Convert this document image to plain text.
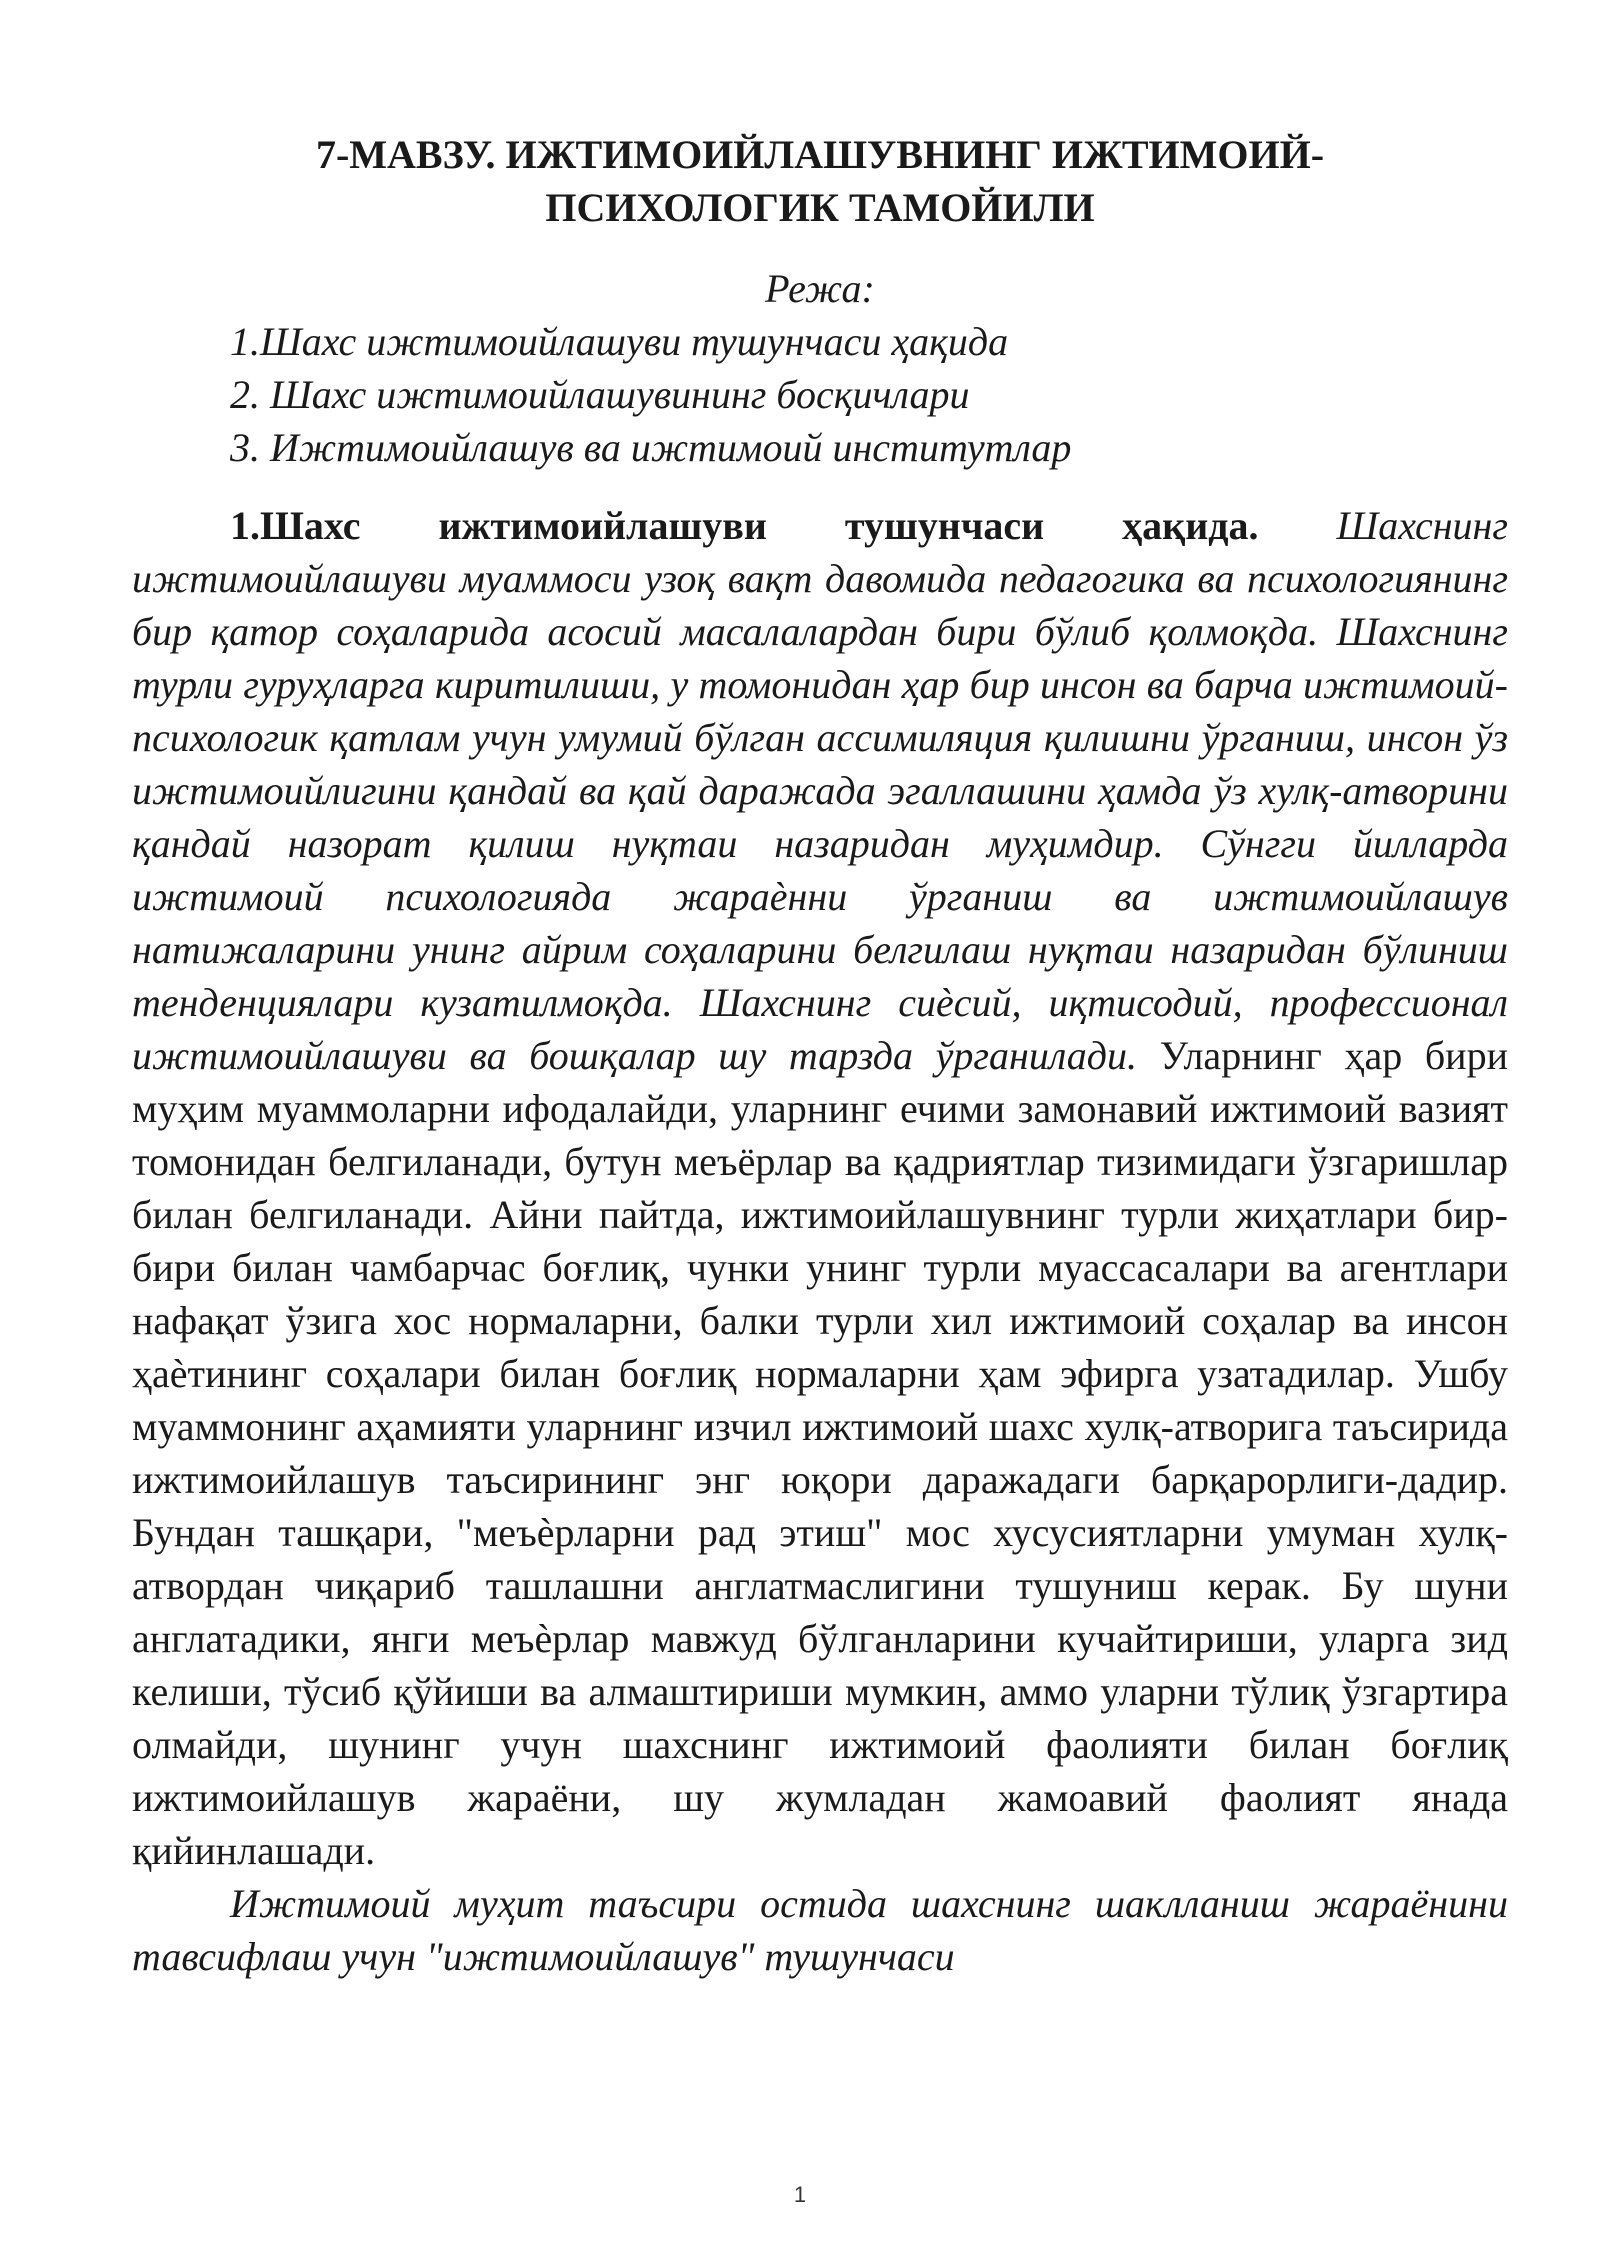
7-МАВЗУ. ИЖТИМОИЙЛАШУВНИНГ ИЖТИМОИЙ-
ПСИХОЛОГИК ТАМОЙИЛИ

Режа:

1.Шахс ижтимоийлашуви тушунчаси ҳақида
2. Шахс ижтимоийлашувининг босқичлари
3. Ижтимоийлашув ва ижтимоий институтлар

1.Шахс ижтимоийлашуви тушунчаси ҳақида. Шахснинг ижтимоийлашуви муаммоси узоқ вақт давомида педагогика ва психологиянинг бир қатор соҳаларида асосий масалалардан бири бўлиб қолмоқда. Шахснинг турли гуруҳларга киритилиши, у томонидан ҳар бир инсон ва барча ижтимоий-психологик қатлам учун умумий бўлган ассимиляция қилишни ўрганиш, инсон ўз ижтимоийлигини қандай ва қай даражада эгаллашини ҳамда ўз хулқ-атворини қандай назорат қилиш нуқтаи назаридан муҳимдир. Сўнгги йилларда ижтимоий психологияда жараѐнни ўрганиш ва ижтимоийлашув натижаларини унинг айрим соҳаларини белгилаш нуқтаи назаридан бўлиниш тенденциялари кузатилмоқда. Шахснинг сиѐсий, иқтисодий, профессионал ижтимоийлашуви ва бошқалар шу тарзда ўрганилади. Уларнинг ҳар бири муҳим муаммоларни ифодалайди, уларнинг ечими замонавий ижтимоий вазият томонидан белгиланади, бутун меъёрлар ва қадриятлар тизимидаги ўзгаришлар билан белгиланади. Айни пайтда, ижтимоийлашувнинг турли жиҳатлари бир-бири билан чамбарчас боғлиқ, чунки унинг турли муассасалари ва агентлари нафақат ўзига хос нормаларни, балки турли хил ижтимоий соҳалар ва инсон ҳаѐтининг соҳалари билан боғлиқ нормаларни ҳам эфирга узатадилар. Ушбу муаммонинг аҳамияти уларнинг изчил ижтимоий шахс хулқ-атворига таъсирида ижтимоийлашув таъсирининг энг юқори даражадаги барқарорлиги-дадир. Бундан ташқари, "меъѐрларни рад этиш" мос хусусиятларни умуман хулқ-атвордан чиқариб ташлашни англатмаслигини тушуниш керак. Бу шуни англатадики, янги меъѐрлар мавжуд бўлганларини кучайтириши, уларга зид келиши, тўсиб қўйиши ва алмаштириши мумкин, аммо уларни тўлиқ ўзгартира олмайди, шунинг учун шахснинг ижтимоий фаолияти билан боғлиқ ижтимоийлашув жараёни, шу жумладан жамоавий фаолият янада қийинлашади.

Ижтимоий муҳит таъсири остида шахснинг шаклланиш жараёнини тавсифлаш учун "ижтимоийлашув" тушунчаси

1
